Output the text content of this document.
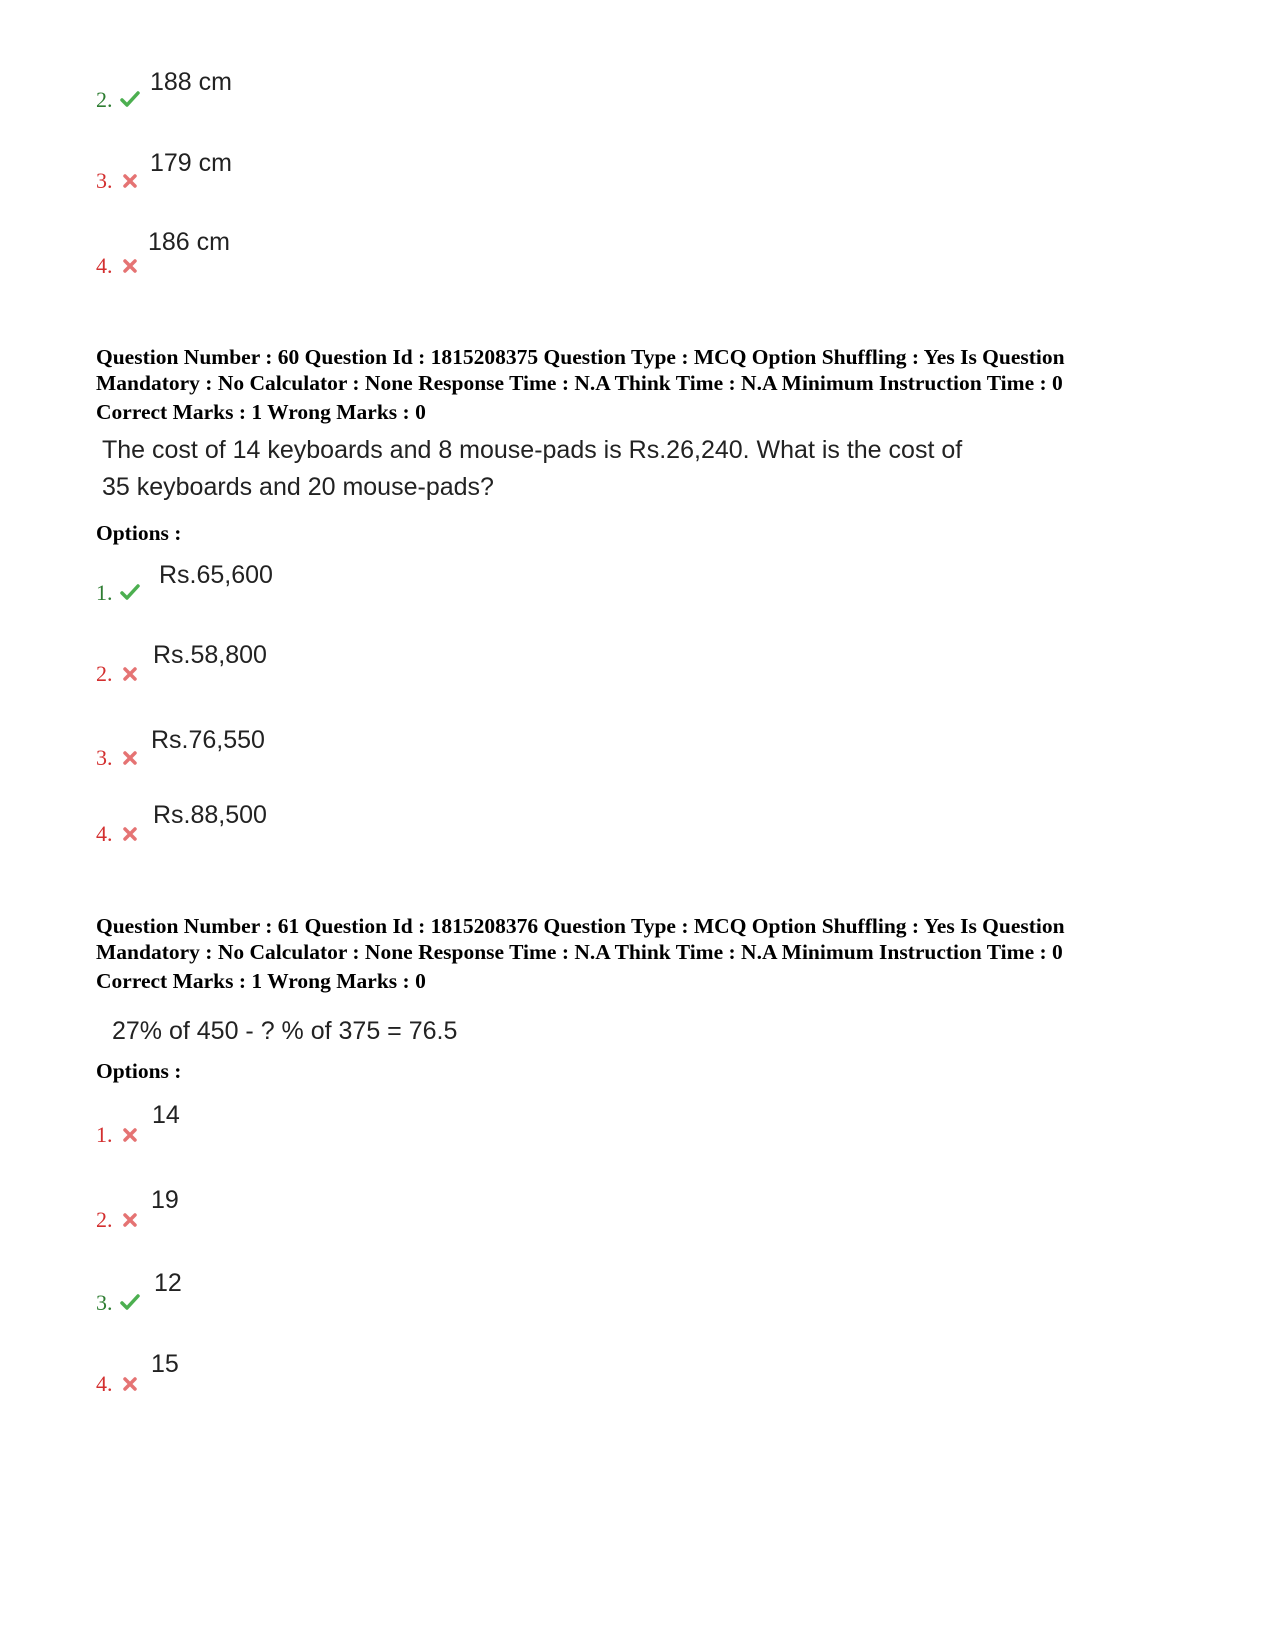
2.
188 cm
3.
179 cm
4.
186 cm
Question Number : 60 Question Id : 1815208375 Question Type : MCQ Option Shuffling : Yes Is Question
Mandatory : No Calculator : None Response Time : N.A Think Time : N.A Minimum Instruction Time : 0
Correct Marks : 1 Wrong Marks : 0
The cost of 14 keyboards and 8 mouse-pads is Rs.26,240. What is the cost of
35 keyboards and 20 mouse-pads?
Options :
1.
Rs.65,600
2.
Rs.58,800
3.
Rs.76,550
4.
Rs.88,500
Question Number : 61 Question Id : 1815208376 Question Type : MCQ Option Shuffling : Yes Is Question
Mandatory : No Calculator : None Response Time : N.A Think Time : N.A Minimum Instruction Time : 0
Correct Marks : 1 Wrong Marks : 0
27% of 450 - ? % of 375 = 76.5
Options :
1.
14
2.
19
3.
12
4.
15
